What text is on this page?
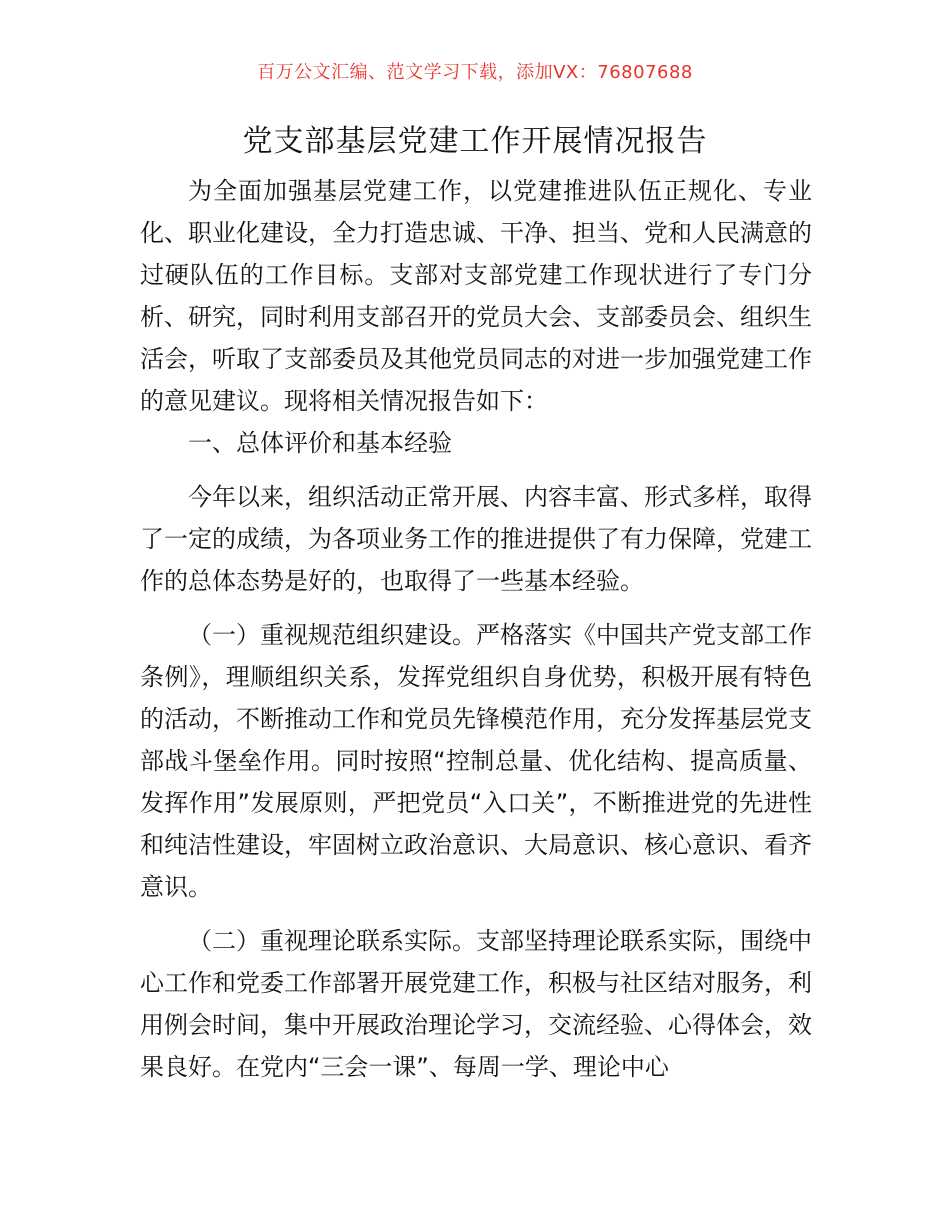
百万公文汇编、范文学习下载，添加VX：76807688
党支部基层党建工作开展情况报告

为全面加强基层党建工作，以党建推进队伍正规化、专业化、职业化建设，全力打造忠诚、干净、担当、党和人民满意的过硬队伍的工作目标。支部对支部党建工作现状进行了专门分析、研究，同时利用支部召开的党员大会、支部委员会、组织生活会，听取了支部委员及其他党员同志的对进一步加强党建工作的意见建议。现将相关情况报告如下：

一、总体评价和基本经验

今年以来，组织活动正常开展、内容丰富、形式多样，取得了一定的成绩，为各项业务工作的推进提供了有力保障，党建工作的总体态势是好的，也取得了一些基本经验。

（一）重视规范组织建设。严格落实《中国共产党支部工作条例》，理顺组织关系，发挥党组织自身优势，积极开展有特色的活动，不断推动工作和党员先锋模范作用，充分发挥基层党支部战斗堡垒作用。同时按照“控制总量、优化结构、提高质量、发挥作用”发展原则，严把党员“入口关”，不断推进党的先进性和纯洁性建设，牢固树立政治意识、大局意识、核心意识、看齐意识。

（二）重视理论联系实际。支部坚持理论联系实际，围绕中心工作和党委工作部署开展党建工作，积极与社区结对服务，利用例会时间，集中开展政治理论学习，交流经验、心得体会，效果良好。在党内“三会一课”、每周一学、理论中心
